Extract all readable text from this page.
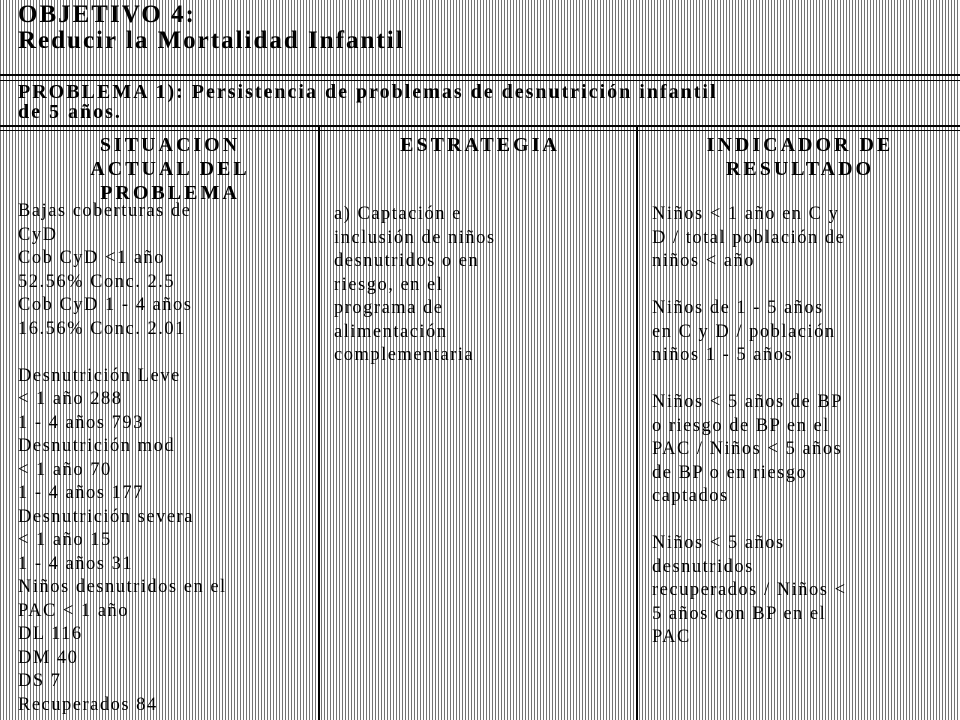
OBJETIVO 4:
Reducir la Mortalidad Infantil
PROBLEMA 1): Persistencia de problemas de desnutrición infantil
de 5 años.
SITUACION
ACTUAL DEL
PROBLEMA
ESTRATEGIA	INDICADOR DE
RESULTADO
Bajas coberturas de
CyD
Cob CyD <1 año
52.56% Conc. 2.5
Cob CyD 1 - 4 años
16.56% Conc. 2.01
Desnutrición Leve
< 1 año 288
1 - 4 años 793
Desnutrición mod
< 1 año 70
1 - 4 años 177
Desnutrición severa
< 1 año 15
1 - 4 años 31
Niños desnutridos en el
PAC < 1 año
DL 116
DM 40
DS 7
Recuperados 84
a) Captación e
inclusión de niños
desnutridos o en
riesgo, en el
programa de
alimentación
complementaria
Niños < 1 año en C y
D / total población de
niños < año
Niños de 1 - 5 años
en C y D / población
niños 1 - 5 años
Niños < 5 años de BP
o riesgo de BP en el
PAC / Niños < 5 años
de BP o en riesgo
captados
Niños < 5 años
desnutridos
recuperados / Niños <
5 años con BP en el
PAC
